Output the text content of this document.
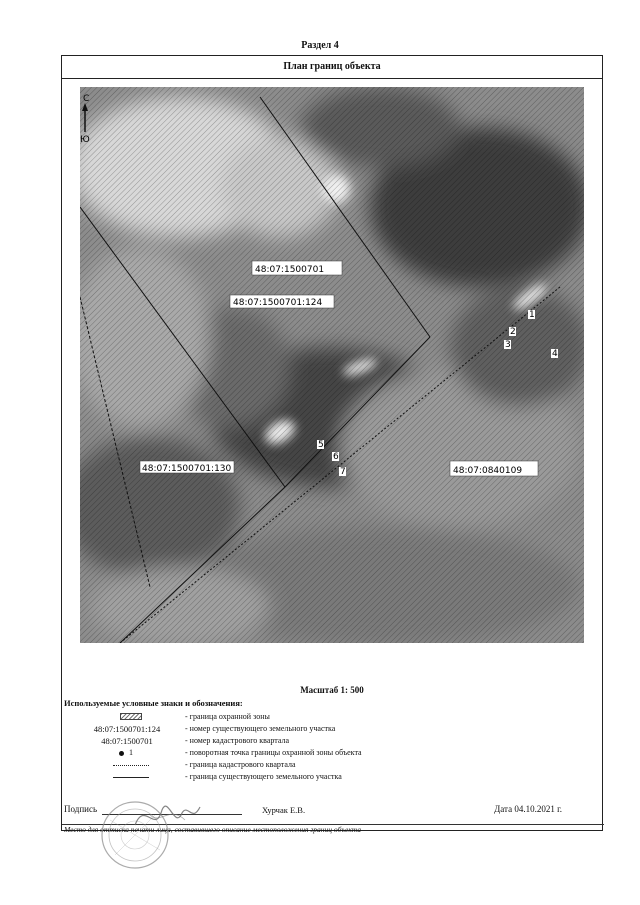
Раздел 4
План границ объекта
С
Ю
48:07:1500701
48:07:1500701:124
48:07:1500701:130	48:07:0840109
1
2
3
4
5
6
7
Масштаб 1: 500
Используемые условные знаки и обозначения:
- граница охранной зоны
48:07:1500701:124	- номер существующего земельного участка
48:07:1500701	- номер кадастрового квартала
1	- поворотная точка границы охранной зоны объекта
- граница кадастрового квартала
- граница существующего земельного участка
Подпись	Хурчак Е.В.	Дата 04.10.2021 г.
Место для оттиска печати лица, составившего описание местоположения границ объекта
